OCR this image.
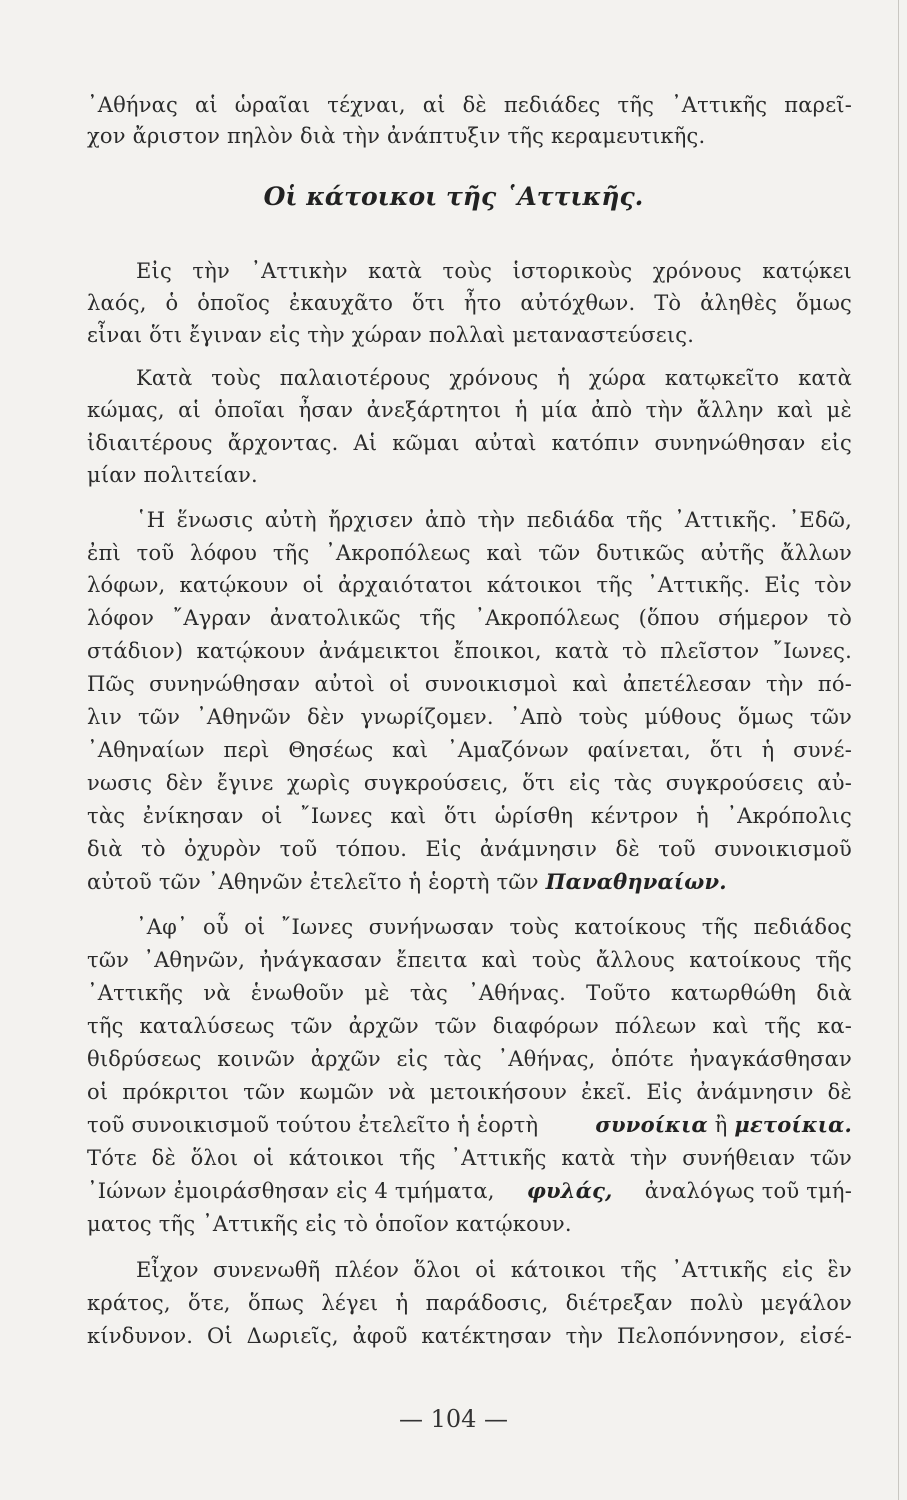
᾿Αθήνας αἱ ὡραῖαι τέχναι, αἱ δὲ πεδιάδες τῆς ᾿Αττικῆς παρεῖ-
χον ἄριστον πηλὸν διὰ τὴν ἀνάπτυξιν τῆς κεραμευτικῆς.
Οἱ κάτοικοι τῆς ῾Αττικῆς.
Εἰς τὴν ᾿Αττικὴν κατὰ τοὺς ἱστορικοὺς χρόνους κατῴκει
λαός, ὁ ὁποῖος ἐκαυχᾶτο ὅτι ἦτο αὐτόχθων. Τὸ ἀληθὲς ὅμως
εἶναι ὅτι ἔγιναν εἰς τὴν χώραν πολλαὶ μεταναστεύσεις.
Κατὰ τοὺς παλαιοτέρους χρόνους ἡ χώρα κατῳκεῖτο κατὰ
κώμας, αἱ ὁποῖαι ἦσαν ἀνεξάρτητοι ἡ μία ἀπὸ τὴν ἄλλην καὶ μὲ
ἰδιαιτέρους ἄρχοντας. Αἱ κῶμαι αὐταὶ κατόπιν συνηνώθησαν εἰς
μίαν πολιτείαν.
῾Η ἕνωσις αὐτὴ ἤρχισεν ἀπὸ τὴν πεδιάδα τῆς ᾿Αττικῆς. ᾿Εδῶ,
ἐπὶ τοῦ λόφου τῆς ᾿Ακροπόλεως καὶ τῶν δυτικῶς αὐτῆς ἄλλων
λόφων, κατῴκουν οἱ ἀρχαιότατοι κάτοικοι τῆς ᾿Αττικῆς. Εἰς τὸν
λόφον ῎Αγραν ἀνατολικῶς τῆς ᾿Ακροπόλεως (ὅπου σήμερον τὸ
στάδιον) κατῴκουν ἀνάμεικτοι ἔποικοι, κατὰ τὸ πλεῖστον ῎Ιωνες.
Πῶς συνηνώθησαν αὐτοὶ οἱ συνοικισμοὶ καὶ ἀπετέλεσαν τὴν πό-
λιν τῶν ᾿Αθηνῶν δὲν γνωρίζομεν. ᾿Απὸ τοὺς μύθους ὅμως τῶν
᾿Αθηναίων περὶ Θησέως καὶ ᾿Αμαζόνων φαίνεται, ὅτι ἡ συνέ-
νωσις δὲν ἔγινε χωρὶς συγκρούσεις, ὅτι εἰς τὰς συγκρούσεις αὐ-
τὰς ἐνίκησαν οἱ ῎Ιωνες καὶ ὅτι ὡρίσθη κέντρον ἡ ᾿Ακρόπολις
διὰ τὸ ὀχυρὸν τοῦ τόπου. Εἰς ἀνάμνησιν δὲ τοῦ συνοικισμοῦ
αὐτοῦ τῶν ᾿Αθηνῶν ἐτελεῖτο ἡ ἑορτὴ τῶν Παναθηναίων.
᾿Αφ᾿ οὗ οἱ ῎Ιωνες συνήνωσαν τοὺς κατοίκους τῆς πεδιάδος
τῶν ᾿Αθηνῶν, ἠνάγκασαν ἔπειτα καὶ τοὺς ἄλλους κατοίκους τῆς
᾿Αττικῆς νὰ ἑνωθοῦν μὲ τὰς ᾿Αθήνας. Τοῦτο κατωρθώθη διὰ
τῆς καταλύσεως τῶν ἀρχῶν τῶν διαφόρων πόλεων καὶ τῆς κα-
θιδρύσεως κοινῶν ἀρχῶν εἰς τὰς ᾿Αθήνας, ὁπότε ἠναγκάσθησαν
οἱ πρόκριτοι τῶν κωμῶν νὰ μετοικήσουν ἐκεῖ. Εἰς ἀνάμνησιν δὲ
τοῦ συνοικισμοῦ τούτου ἐτελεῖτο ἡ ἑορτὴ	συνοίκια ἢ μετοίκια.
Τότε δὲ ὅλοι οἱ κάτοικοι τῆς ᾿Αττικῆς κατὰ τὴν συνήθειαν τῶν
᾿Ιώνων ἐμοιράσθησαν εἰς 4 τμήματα, φυλάς, ἀναλόγως τοῦ τμή-
ματος τῆς ᾿Αττικῆς εἰς τὸ ὁποῖον κατῴκουν.
Εἶχον συνενωθῆ πλέον ὅλοι οἱ κάτοικοι τῆς ᾿Αττικῆς εἰς ἓν
κράτος, ὅτε, ὅπως λέγει ἡ παράδοσις, διέτρεξαν πολὺ μεγάλον
κίνδυνον. Οἱ Δωριεῖς, ἀφοῦ κατέκτησαν τὴν Πελοπόννησον, εἰσέ-
— 104 —
